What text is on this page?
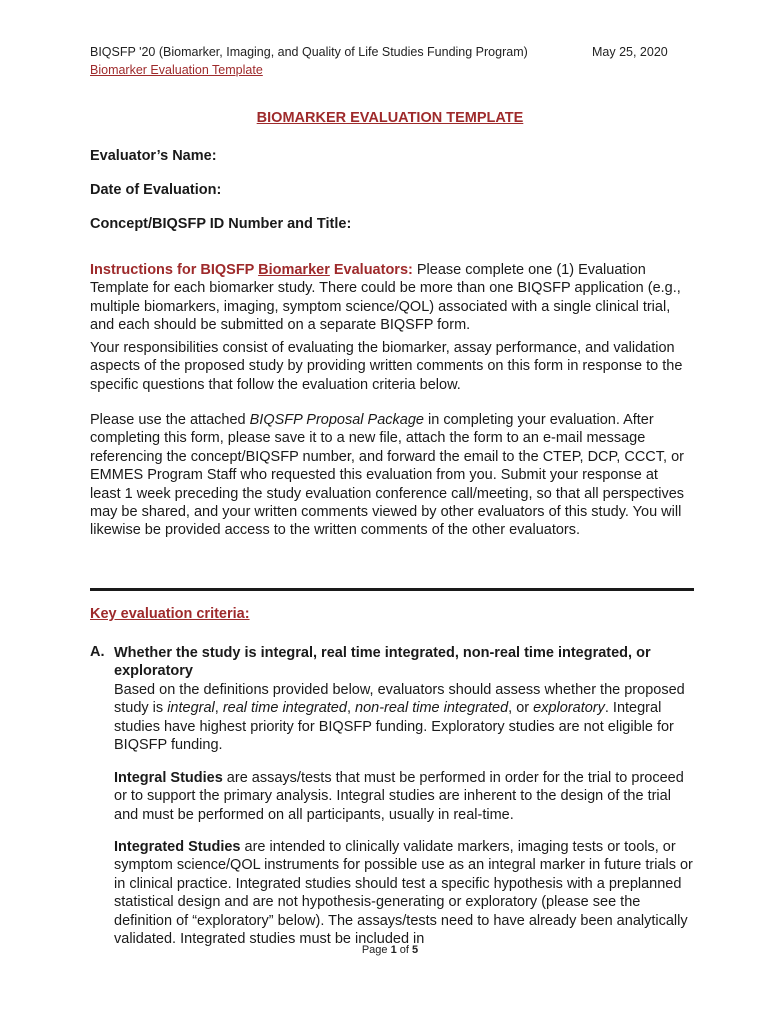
BIQSFP '20 (Biomarker, Imaging, and Quality of Life Studies Funding Program)	May 25, 2020
Biomarker Evaluation Template
BIOMARKER EVALUATION TEMPLATE
Evaluator’s Name:
Date of Evaluation:
Concept/BIQSFP ID Number and Title:
Instructions for BIQSFP Biomarker Evaluators: Please complete one (1) Evaluation Template for each biomarker study. There could be more than one BIQSFP application (e.g., multiple biomarkers, imaging, symptom science/QOL) associated with a single clinical trial, and each should be submitted on a separate BIQSFP form.
Your responsibilities consist of evaluating the biomarker, assay performance, and validation aspects of the proposed study by providing written comments on this form in response to the specific questions that follow the evaluation criteria below.
Please use the attached BIQSFP Proposal Package in completing your evaluation. After completing this form, please save it to a new file, attach the form to an e-mail message referencing the concept/BIQSFP number, and forward the email to the CTEP, DCP, CCCT, or EMMES Program Staff who requested this evaluation from you. Submit your response at least 1 week preceding the study evaluation conference call/meeting, so that all perspectives may be shared, and your written comments viewed by other evaluators of this study. You will likewise be provided access to the written comments of the other evaluators.
Key evaluation criteria:
A. Whether the study is integral, real time integrated, non-real time integrated, or exploratory
Based on the definitions provided below, evaluators should assess whether the proposed study is integral, real time integrated, non-real time integrated, or exploratory. Integral studies have highest priority for BIQSFP funding. Exploratory studies are not eligible for BIQSFP funding.
Integral Studies are assays/tests that must be performed in order for the trial to proceed or to support the primary analysis. Integral studies are inherent to the design of the trial and must be performed on all participants, usually in real-time.
Integrated Studies are intended to clinically validate markers, imaging tests or tools, or symptom science/QOL instruments for possible use as an integral marker in future trials or in clinical practice. Integrated studies should test a specific hypothesis with a preplanned statistical design and are not hypothesis-generating or exploratory (please see the definition of “exploratory” below). The assays/tests need to have already been analytically validated. Integrated studies must be included in
Page 1 of 5
